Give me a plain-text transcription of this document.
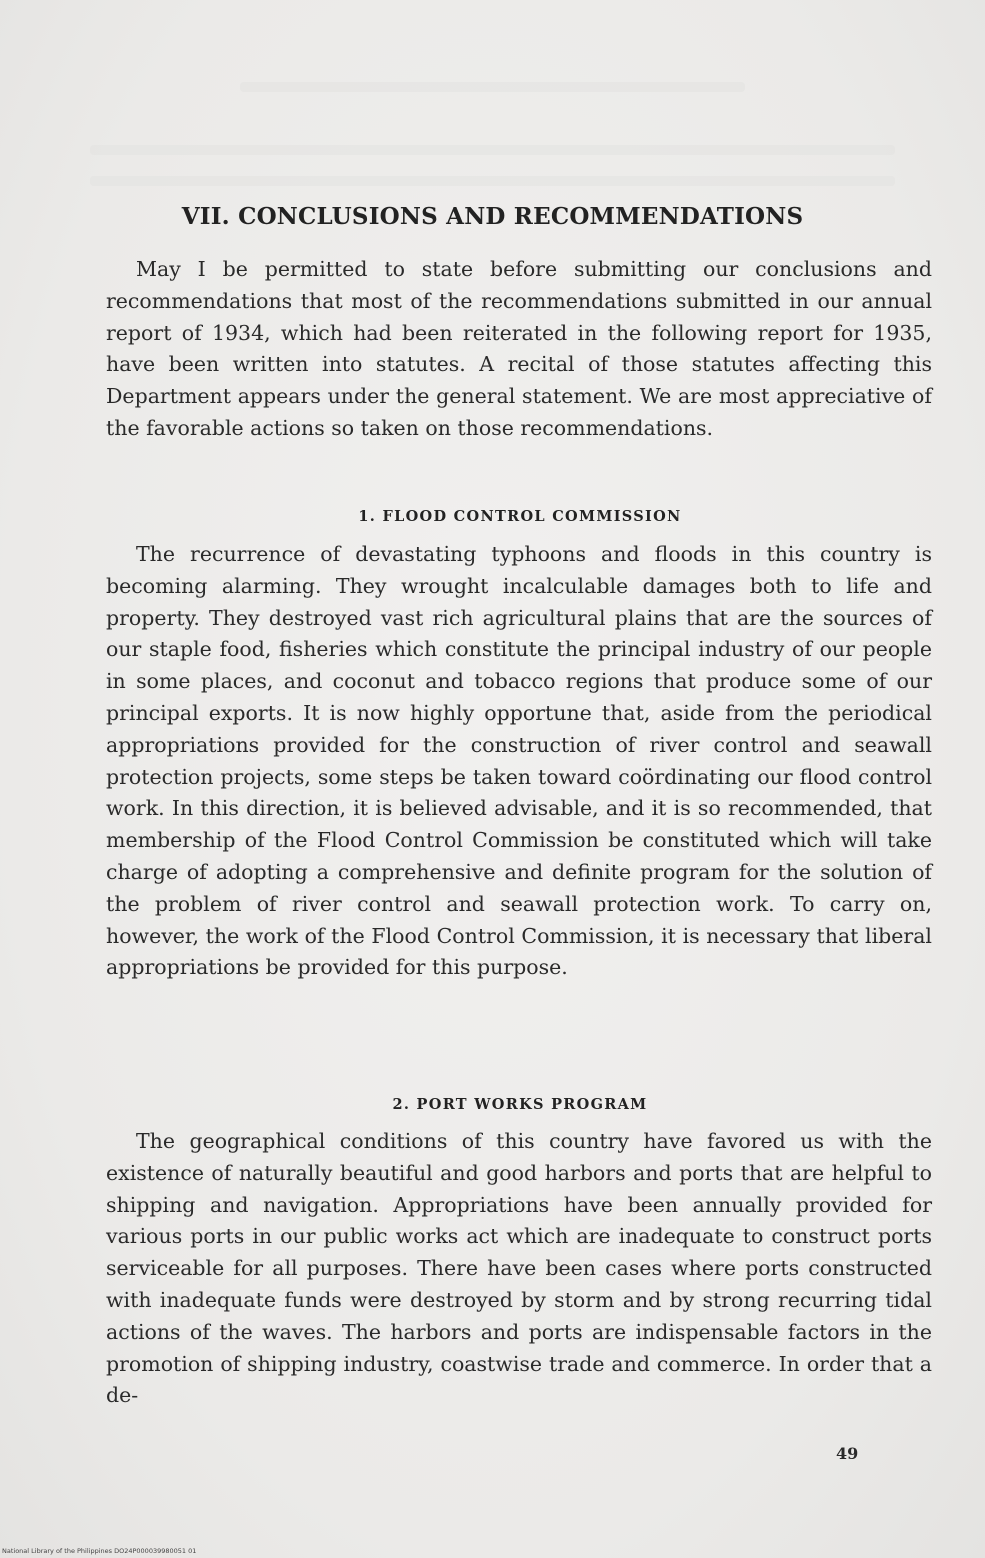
VII. CONCLUSIONS AND RECOMMENDATIONS

May I be permitted to state before submitting our conclusions and recommendations that most of the recommendations submitted in our annual report of 1934, which had been reiterated in the following report for 1935, have been written into statutes. A recital of those statutes affecting this Department appears under the general statement. We are most appreciative of the favorable actions so taken on those recommendations.

1. FLOOD CONTROL COMMISSION

The recurrence of devastating typhoons and floods in this country is becoming alarming. They wrought incalculable damages both to life and property. They destroyed vast rich agricultural plains that are the sources of our staple food, fisheries which constitute the principal industry of our people in some places, and coconut and tobacco regions that produce some of our principal exports. It is now highly opportune that, aside from the periodical appropriations provided for the construction of river control and seawall protection projects, some steps be taken toward coördinating our flood control work. In this direction, it is believed advisable, and it is so recommended, that membership of the Flood Control Commission be constituted which will take charge of adopting a comprehensive and definite program for the solution of the problem of river control and seawall protection work. To carry on, however, the work of the Flood Control Commission, it is necessary that liberal appropriations be provided for this purpose.

2. PORT WORKS PROGRAM

The geographical conditions of this country have favored us with the existence of naturally beautiful and good harbors and ports that are helpful to shipping and navigation. Appropriations have been annually provided for various ports in our public works act which are inadequate to construct ports serviceable for all purposes. There have been cases where ports constructed with inadequate funds were destroyed by storm and by strong recurring tidal actions of the waves. The harbors and ports are indispensable factors in the promotion of shipping industry, coastwise trade and commerce. In order that a de-

49
National Library of the Philippines DO24P000039980051 01
